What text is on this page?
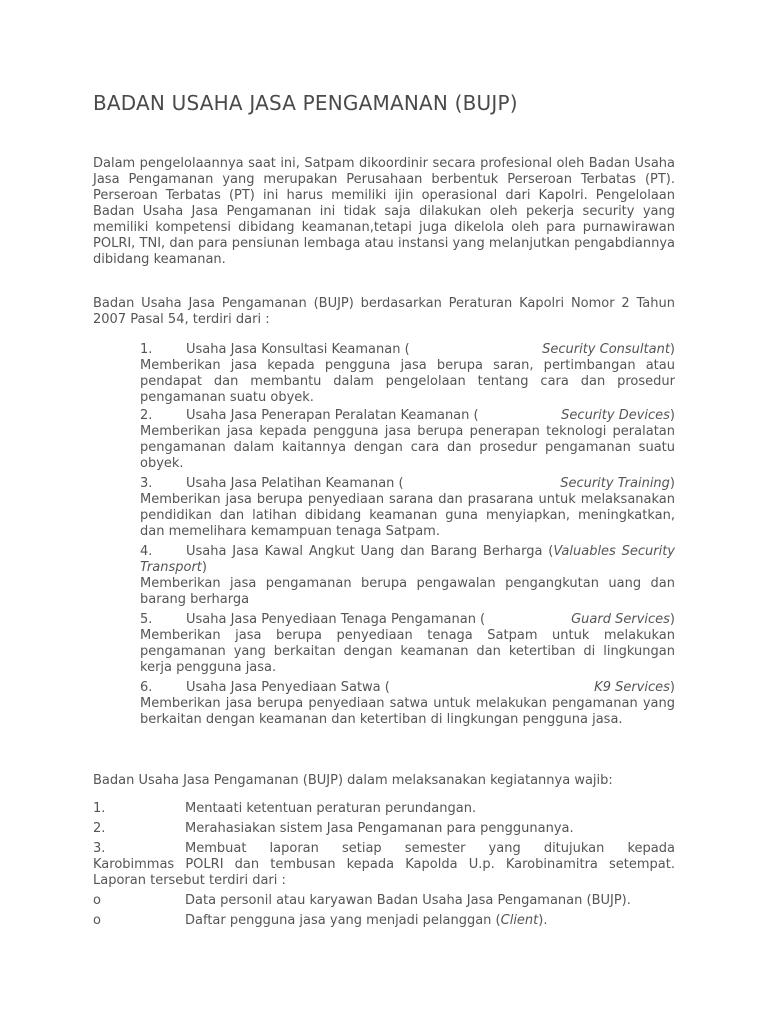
BADAN USAHA JASA PENGAMANAN (BUJP)

Dalam pengelolaannya saat ini, Satpam dikoordinir secara profesional oleh Badan Usaha Jasa Pengamanan yang merupakan Perusahaan berbentuk Perseroan Terbatas (PT). Perseroan Terbatas (PT) ini harus memiliki ijin operasional dari Kapolri. Pengelolaan Badan Usaha Jasa Pengamanan ini tidak saja dilakukan oleh pekerja security yang memiliki kompetensi dibidang keamanan,tetapi juga dikelola oleh para purnawirawan POLRI, TNI, dan para pensiunan lembaga atau instansi yang melanjutkan pengabdiannya dibidang keamanan.

Badan Usaha Jasa Pengamanan (BUJP) berdasarkan Peraturan Kapolri Nomor 2 Tahun 2007 Pasal 54, terdiri dari :

1.	Usaha Jasa Konsultasi Keamanan (	Security Consultant)
Memberikan jasa kepada pengguna jasa berupa saran, pertimbangan atau pendapat dan membantu dalam pengelolaan tentang cara dan prosedur pengamanan suatu obyek.
2.	Usaha Jasa Penerapan Peralatan Keamanan (	Security Devices)
Memberikan jasa kepada pengguna jasa berupa penerapan teknologi peralatan pengamanan dalam kaitannya dengan cara dan prosedur pengamanan suatu obyek.
3.	Usaha Jasa Pelatihan Keamanan (	Security Training)
Memberikan jasa berupa penyediaan sarana dan prasarana untuk melaksanakan pendidikan dan latihan dibidang keamanan guna menyiapkan, meningkatkan, dan memelihara kemampuan tenaga Satpam.
4.	Usaha Jasa Kawal Angkut Uang dan Barang Berharga (Valuables Security Transport)
Memberikan jasa pengamanan berupa pengawalan pengangkutan uang dan barang berharga
5.	Usaha Jasa Penyediaan Tenaga Pengamanan (	Guard Services)
Memberikan jasa berupa penyediaan tenaga Satpam untuk melakukan pengamanan yang berkaitan dengan keamanan dan ketertiban di lingkungan kerja pengguna jasa.
6.	Usaha Jasa Penyediaan Satwa (	K9 Services)
Memberikan jasa berupa penyediaan satwa untuk melakukan pengamanan yang berkaitan dengan keamanan dan ketertiban di lingkungan pengguna jasa.

Badan Usaha Jasa Pengamanan (BUJP) dalam melaksanakan kegiatannya wajib:

1.	Mentaati ketentuan peraturan perundangan.
2.	Merahasiakan sistem Jasa Pengamanan para penggunanya.
3.	Membuat laporan setiap semester yang ditujukan kepada
Karobimmas POLRI dan tembusan kepada Kapolda U.p. Karobinamitra setempat. Laporan tersebut terdiri dari :
o	Data personil atau karyawan Badan Usaha Jasa Pengamanan (BUJP).
o	Daftar pengguna jasa yang menjadi pelanggan (Client).
